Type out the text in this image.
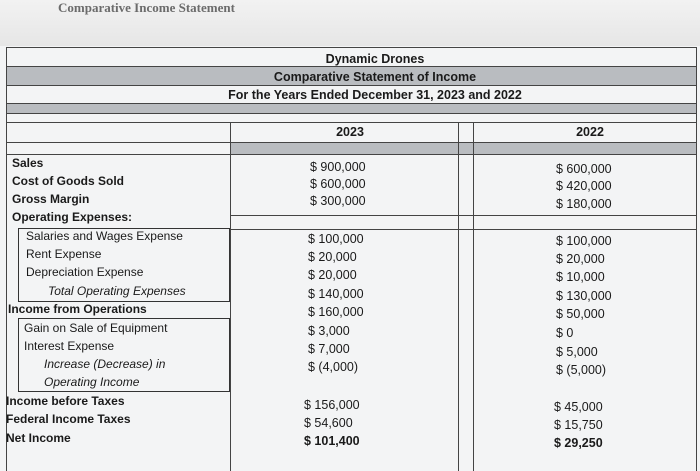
Comparative Income Statement
Dynamic Drones
Comparative Statement of Income
For the Years Ended December 31, 2023 and 2022
2023	2022
Sales
Cost of Goods Sold
Gross Margin
Operating Expenses:
Salaries and Wages Expense
Rent Expense
Depreciation Expense
Total Operating Expenses
Income from Operations
Gain on Sale of Equipment
Interest Expense
Increase (Decrease) in
Operating Income
Income before Taxes
Federal Income Taxes
Net Income
$ 900,000
$ 600,000
$ 300,000
$ 100,000
$ 20,000
$ 20,000
$ 140,000
$ 160,000
$ 3,000
$ 7,000
$ (4,000)
$ 156,000
$ 54,600
$ 101,400
$ 600,000
$ 420,000
$ 180,000
$ 100,000
$ 20,000
$ 10,000
$ 130,000
$ 50,000
$ 0
$ 5,000
$ (5,000)
$ 45,000
$ 15,750
$ 29,250
